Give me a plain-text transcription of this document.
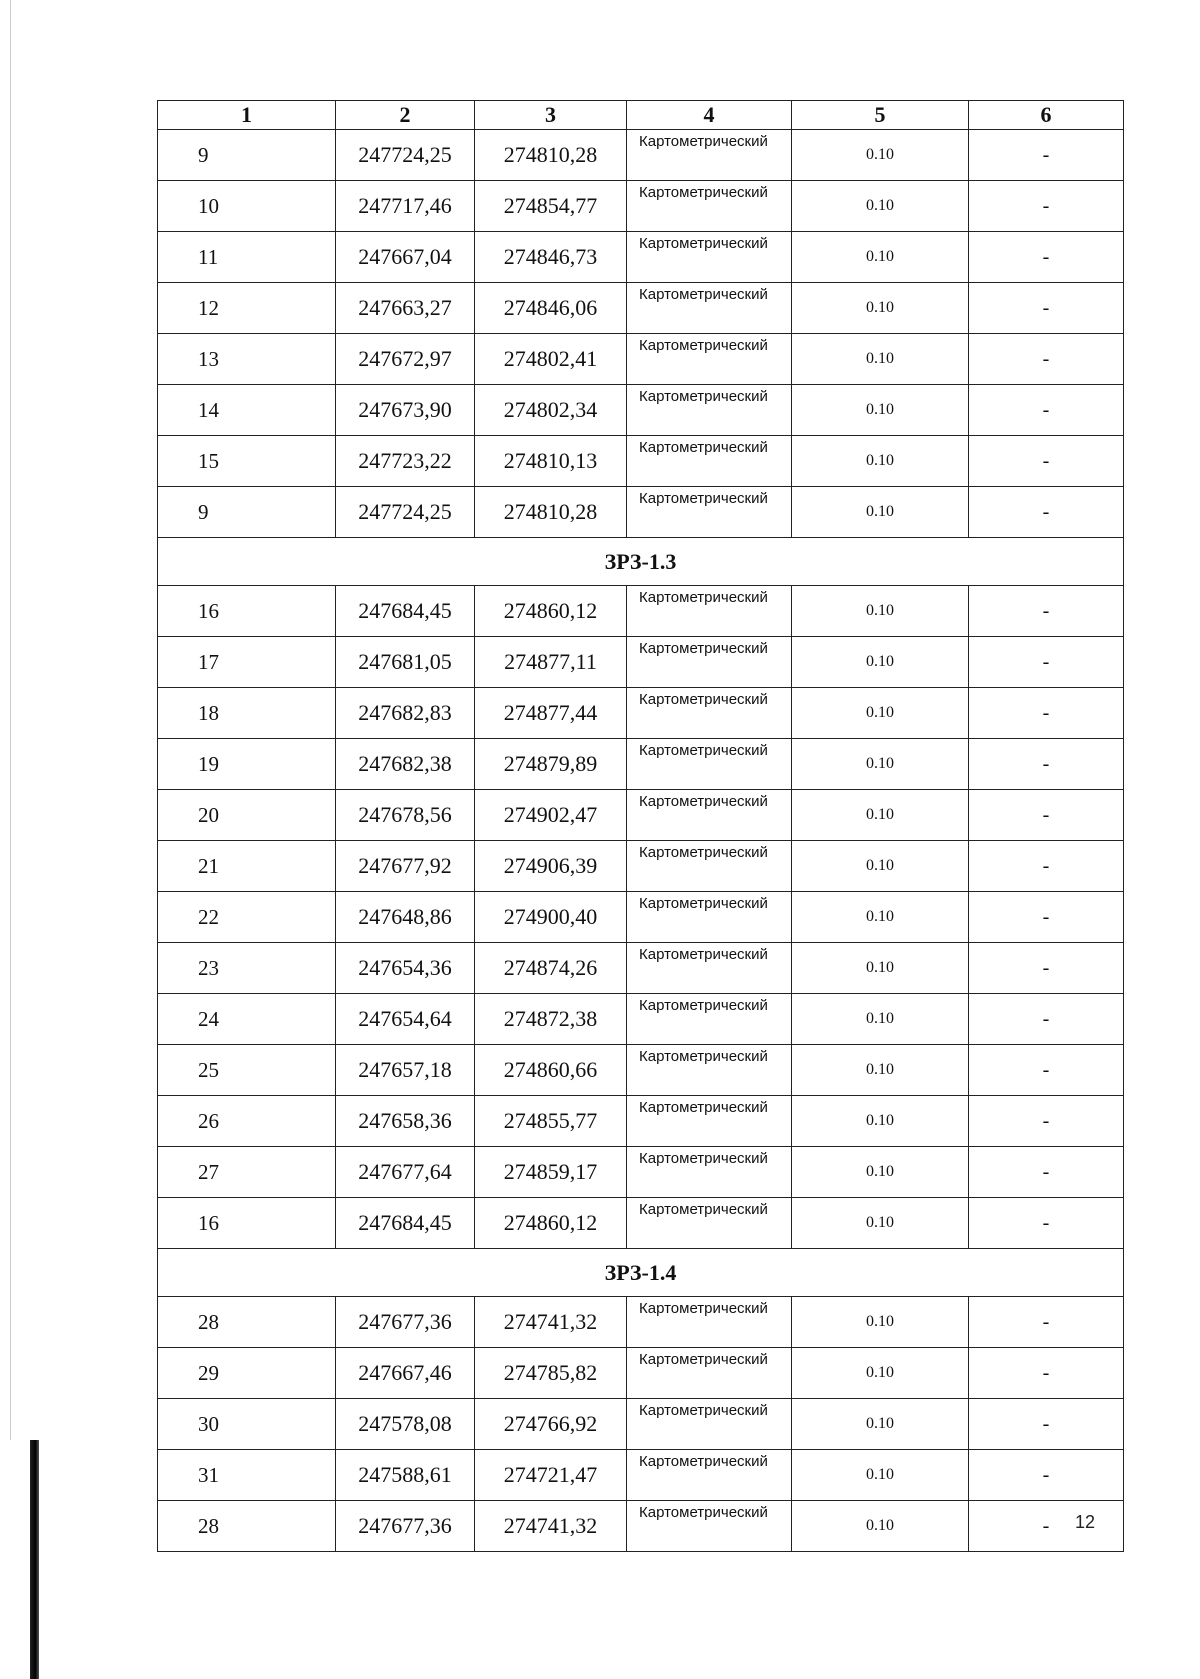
1	2	3	4	5	6
9	247724,25	274810,28	Картометрический	0.10	-
10	247717,46	274854,77	Картометрический	0.10	-
11	247667,04	274846,73	Картометрический	0.10	-
12	247663,27	274846,06	Картометрический	0.10	-
13	247672,97	274802,41	Картометрический	0.10	-
14	247673,90	274802,34	Картометрический	0.10	-
15	247723,22	274810,13	Картометрический	0.10	-
9	247724,25	274810,28	Картометрический	0.10	-
ЗРЗ-1.3					
16	247684,45	274860,12	Картометрический	0.10	-
17	247681,05	274877,11	Картометрический	0.10	-
18	247682,83	274877,44	Картометрический	0.10	-
19	247682,38	274879,89	Картометрический	0.10	-
20	247678,56	274902,47	Картометрический	0.10	-
21	247677,92	274906,39	Картометрический	0.10	-
22	247648,86	274900,40	Картометрический	0.10	-
23	247654,36	274874,26	Картометрический	0.10	-
24	247654,64	274872,38	Картометрический	0.10	-
25	247657,18	274860,66	Картометрический	0.10	-
26	247658,36	274855,77	Картометрический	0.10	-
27	247677,64	274859,17	Картометрический	0.10	-
16	247684,45	274860,12	Картометрический	0.10	-
ЗРЗ-1.4					
28	247677,36	274741,32	Картометрический	0.10	-
29	247667,46	274785,82	Картометрический	0.10	-
30	247578,08	274766,92	Картометрический	0.10	-
31	247588,61	274721,47	Картометрический	0.10	-
28	247677,36	274741,32	Картометрический	0.10	- 12
